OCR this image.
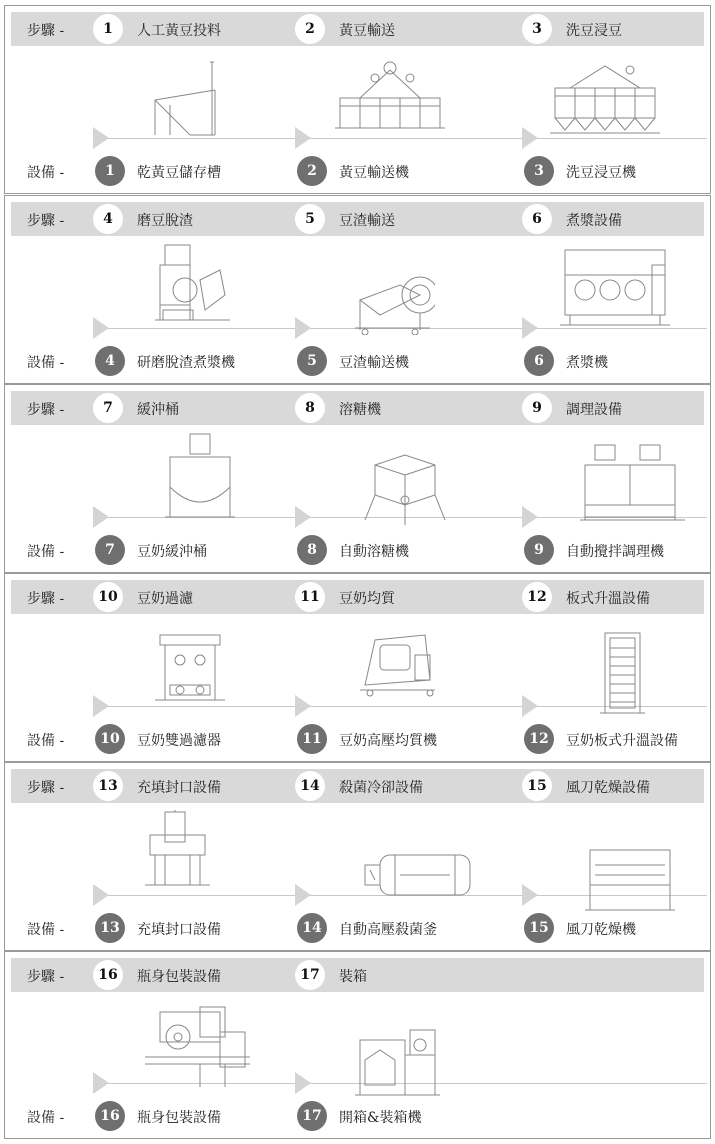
步驟 -
設備 -
1	人工黃豆投料	2	黃豆輸送	3	洗豆浸豆
1	乾黃豆儲存槽	2	黃豆輸送機	3	洗豆浸豆機
步驟 -
設備 -
4	磨豆脫渣	5	豆渣輸送	6	煮漿設備
4	研磨脫渣煮漿機	5	豆渣輸送機	6	煮漿機
步驟 -
設備 -
7	緩沖桶	8	溶糖機	9	調理設備
7	豆奶緩沖桶	8	自動溶糖機	9	自動攪拌調理機
步驟 -
設備 -
10	豆奶過濾	11	豆奶均質	12	板式升溫設備
10	豆奶雙過濾器	11	豆奶高壓均質機	12	豆奶板式升溫設備
步驟 -
設備 -
13	充填封口設備	14	殺菌冷卻設備	15	風刀乾燥設備
13	充填封口設備	14	自動高壓殺菌釜	15	風刀乾燥機
步驟 -
設備 -
16	瓶身包裝設備	17	裝箱
16	瓶身包裝設備	17	開箱&裝箱機
